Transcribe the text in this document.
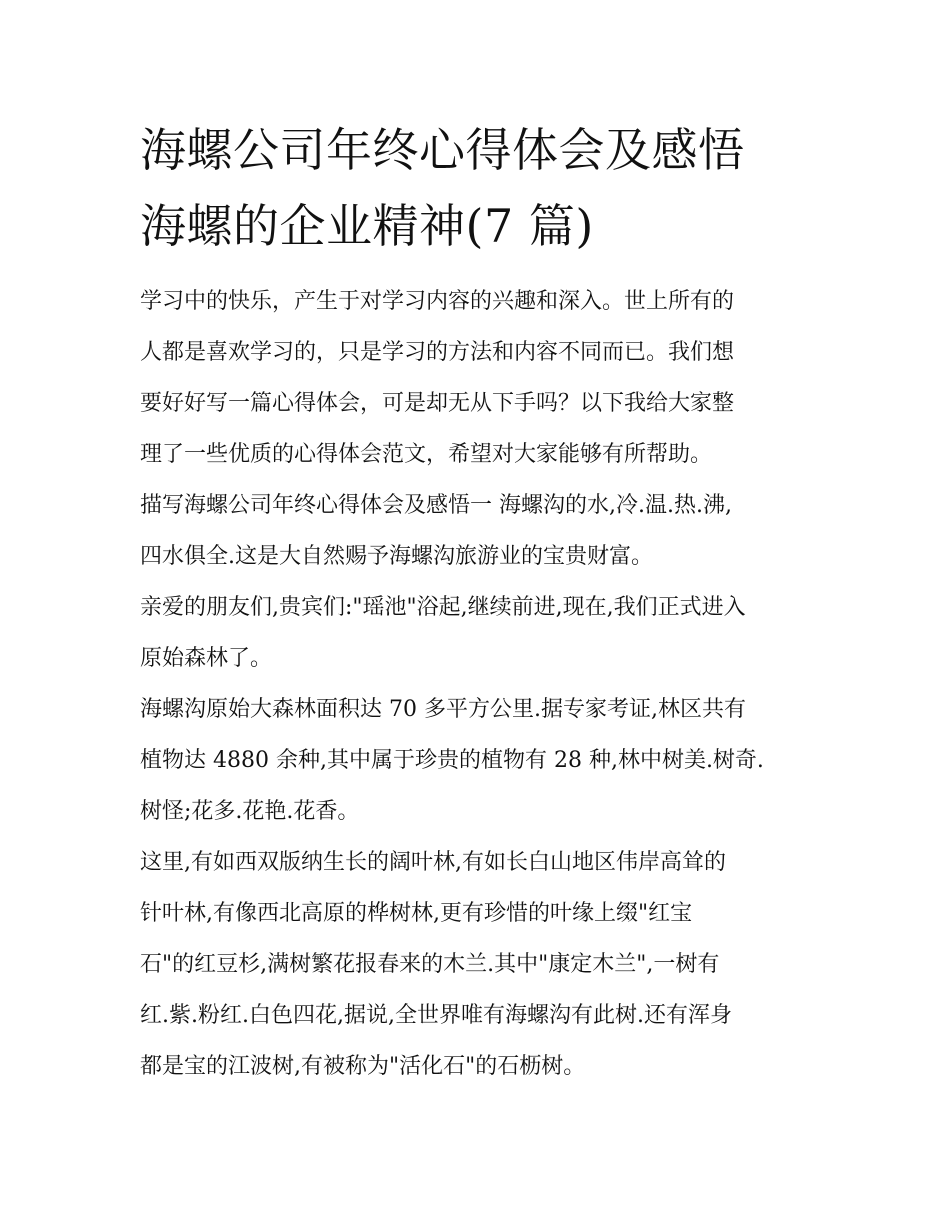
海螺公司年终心得体会及感悟
海螺的企业精神(7 篇)
学习中的快乐，产生于对学习内容的兴趣和深入。世上所有的
人都是喜欢学习的，只是学习的方法和内容不同而已。我们想
要好好写一篇心得体会，可是却无从下手吗？以下我给大家整
理了一些优质的心得体会范文，希望对大家能够有所帮助。
描写海螺公司年终心得体会及感悟一 海螺沟的水,冷.温.热.沸,
四水俱全.这是大自然赐予海螺沟旅游业的宝贵财富。
亲爱的朋友们,贵宾们:"瑶池"浴起,继续前进,现在,我们正式进入
原始森林了。
海螺沟原始大森林面积达 70 多平方公里.据专家考证,林区共有
植物达 4880 余种,其中属于珍贵的植物有 28 种,林中树美.树奇.
树怪;花多.花艳.花香。
这里,有如西双版纳生长的阔叶林,有如长白山地区伟岸高耸的
针叶林,有像西北高原的桦树林,更有珍惜的叶缘上缀"红宝
石"的红豆杉,满树繁花报春来的木兰.其中"康定木兰",一树有
红.紫.粉红.白色四花,据说,全世界唯有海螺沟有此树.还有浑身
都是宝的江波树,有被称为"活化石"的石枥树。
